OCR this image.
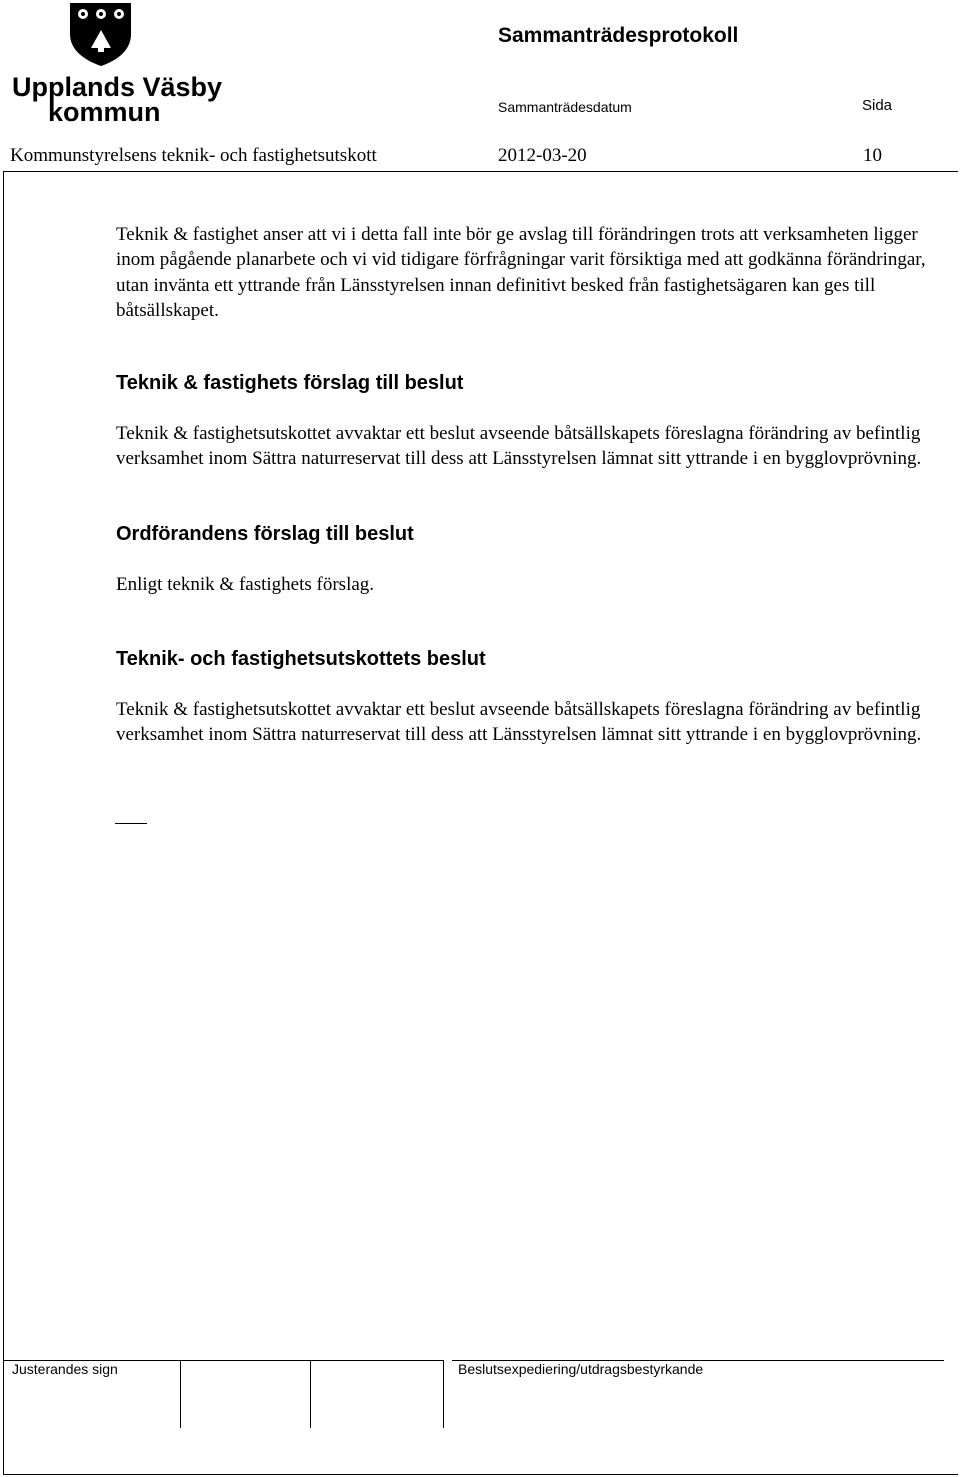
Upplands Väsby
kommun
Sammanträdesprotokoll
Sammanträdesdatum	Sida
Kommunstyrelsens teknik- och fastighetsutskott	2012-03-20	10

Teknik & fastighet anser att vi i detta fall inte bör ge avslag till förändringen trots att verksamheten ligger inom pågående planarbete och vi vid tidigare förfrågningar varit försiktiga med att godkänna förändringar, utan invänta ett yttrande från Länsstyrelsen innan definitivt besked från fastighetsägaren kan ges till båtsällskapet.

Teknik & fastighets förslag till beslut

Teknik & fastighetsutskottet avvaktar ett beslut avseende båtsällskapets föreslagna förändring av befintlig verksamhet inom Sättra naturreservat till dess att Länsstyrelsen lämnat sitt yttrande i en bygglovprövning.

Ordförandens förslag till beslut

Enligt teknik & fastighets förslag.

Teknik- och fastighetsutskottets beslut

Teknik & fastighetsutskottet avvaktar ett beslut avseende båtsällskapets föreslagna förändring av befintlig verksamhet inom Sättra naturreservat till dess att Länsstyrelsen lämnat sitt yttrande i en bygglovprövning.

Justerandes sign	Beslutsexpediering/utdragsbestyrkande
